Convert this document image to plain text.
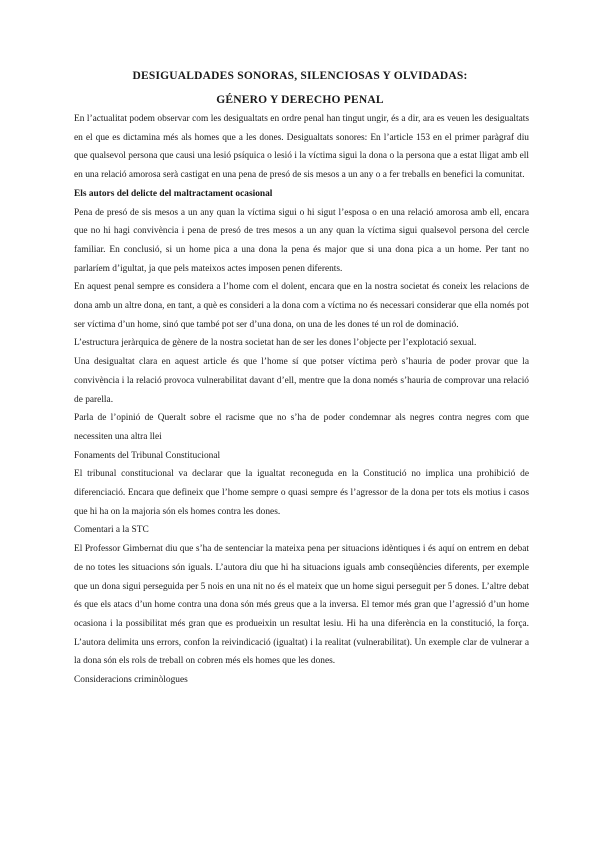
DESIGUALDADES SONORAS, SILENCIOSAS Y OLVIDADAS:
GÉNERO Y DERECHO PENAL

En l’actualitat podem observar com les desigualtats en ordre penal han tingut ungir, és a dir, ara es veuen les desigualtats en el que es dictamina més als homes que a les dones. Desigualtats sonores: En l’article 153 en el primer paràgraf diu que qualsevol persona que causi una lesió psíquica o lesió i la víctima sigui la dona o la persona que a estat lligat amb ell en una relació amorosa serà castigat en una pena de presó de sis mesos a un any o a fer treballs en benefici la comunitat.

Els autors del delicte del maltractament ocasional

Pena de presó de sis mesos a un any quan la víctima sigui o hi sigut l’esposa o en una relació amorosa amb ell, encara que no hi hagi convivència i pena de presó de tres mesos a un any quan la víctima sigui qualsevol persona del cercle familiar. En conclusió, si un home pica a una dona la pena és major que si una dona pica a un home. Per tant no parlaríem d’igultat, ja que pels mateixos actes imposen penen diferents.

En aquest penal sempre es considera a l’home com el dolent, encara que en la nostra societat és coneix les relacions de dona amb un altre dona, en tant, a què es consideri a la dona com a víctima no és necessari considerar que ella només pot ser víctima d’un home, sinó que també pot ser d’una dona, on una de les dones té un rol de dominació.

L’estructura jeràrquica de gènere de la nostra societat han de ser les dones l’objecte per l’explotació sexual.

Una desigualtat clara en aquest article és que l’home sí que potser víctima però s’hauria de poder provar que la convivència i la relació provoca vulnerabilitat davant d’ell, mentre que la dona només s’hauria de comprovar una relació de parella.

Parla de l’opinió de Queralt sobre el racisme que no s’ha de poder condemnar als negres contra negres com que necessiten una altra llei

Fonaments del Tribunal Constitucional

El tribunal constitucional va declarar que la igualtat reconeguda en la Constitució no implica una prohibició de diferenciació. Encara que defineix que l’home sempre o quasi sempre és l’agressor de la dona per tots els motius i casos que hi ha on la majoria són els homes contra les dones.

Comentari a la STC

El Professor Gimbernat diu que s’ha de sentenciar la mateixa pena per situacions idèntiques i és aquí on entrem en debat de no totes les situacions són iguals. L’autora diu que hi ha situacions iguals amb conseqüències diferents, per exemple que un dona sigui perseguida per 5 nois en una nit no és el mateix que un home sigui perseguit per 5 dones. L’altre debat és que els atacs d’un home contra una dona són més greus que a la inversa. El temor més gran que l’agressió d’un home ocasiona i la possibilitat més gran que es produeixin un resultat lesiu. Hi ha una diferència en la constitució, la força. L’autora delimita uns errors, confon la reivindicació (igualtat) i la realitat (vulnerabilitat). Un exemple clar de vulnerar a la dona són els rols de treball on cobren més els homes que les dones.

Consideracions criminòlogues
